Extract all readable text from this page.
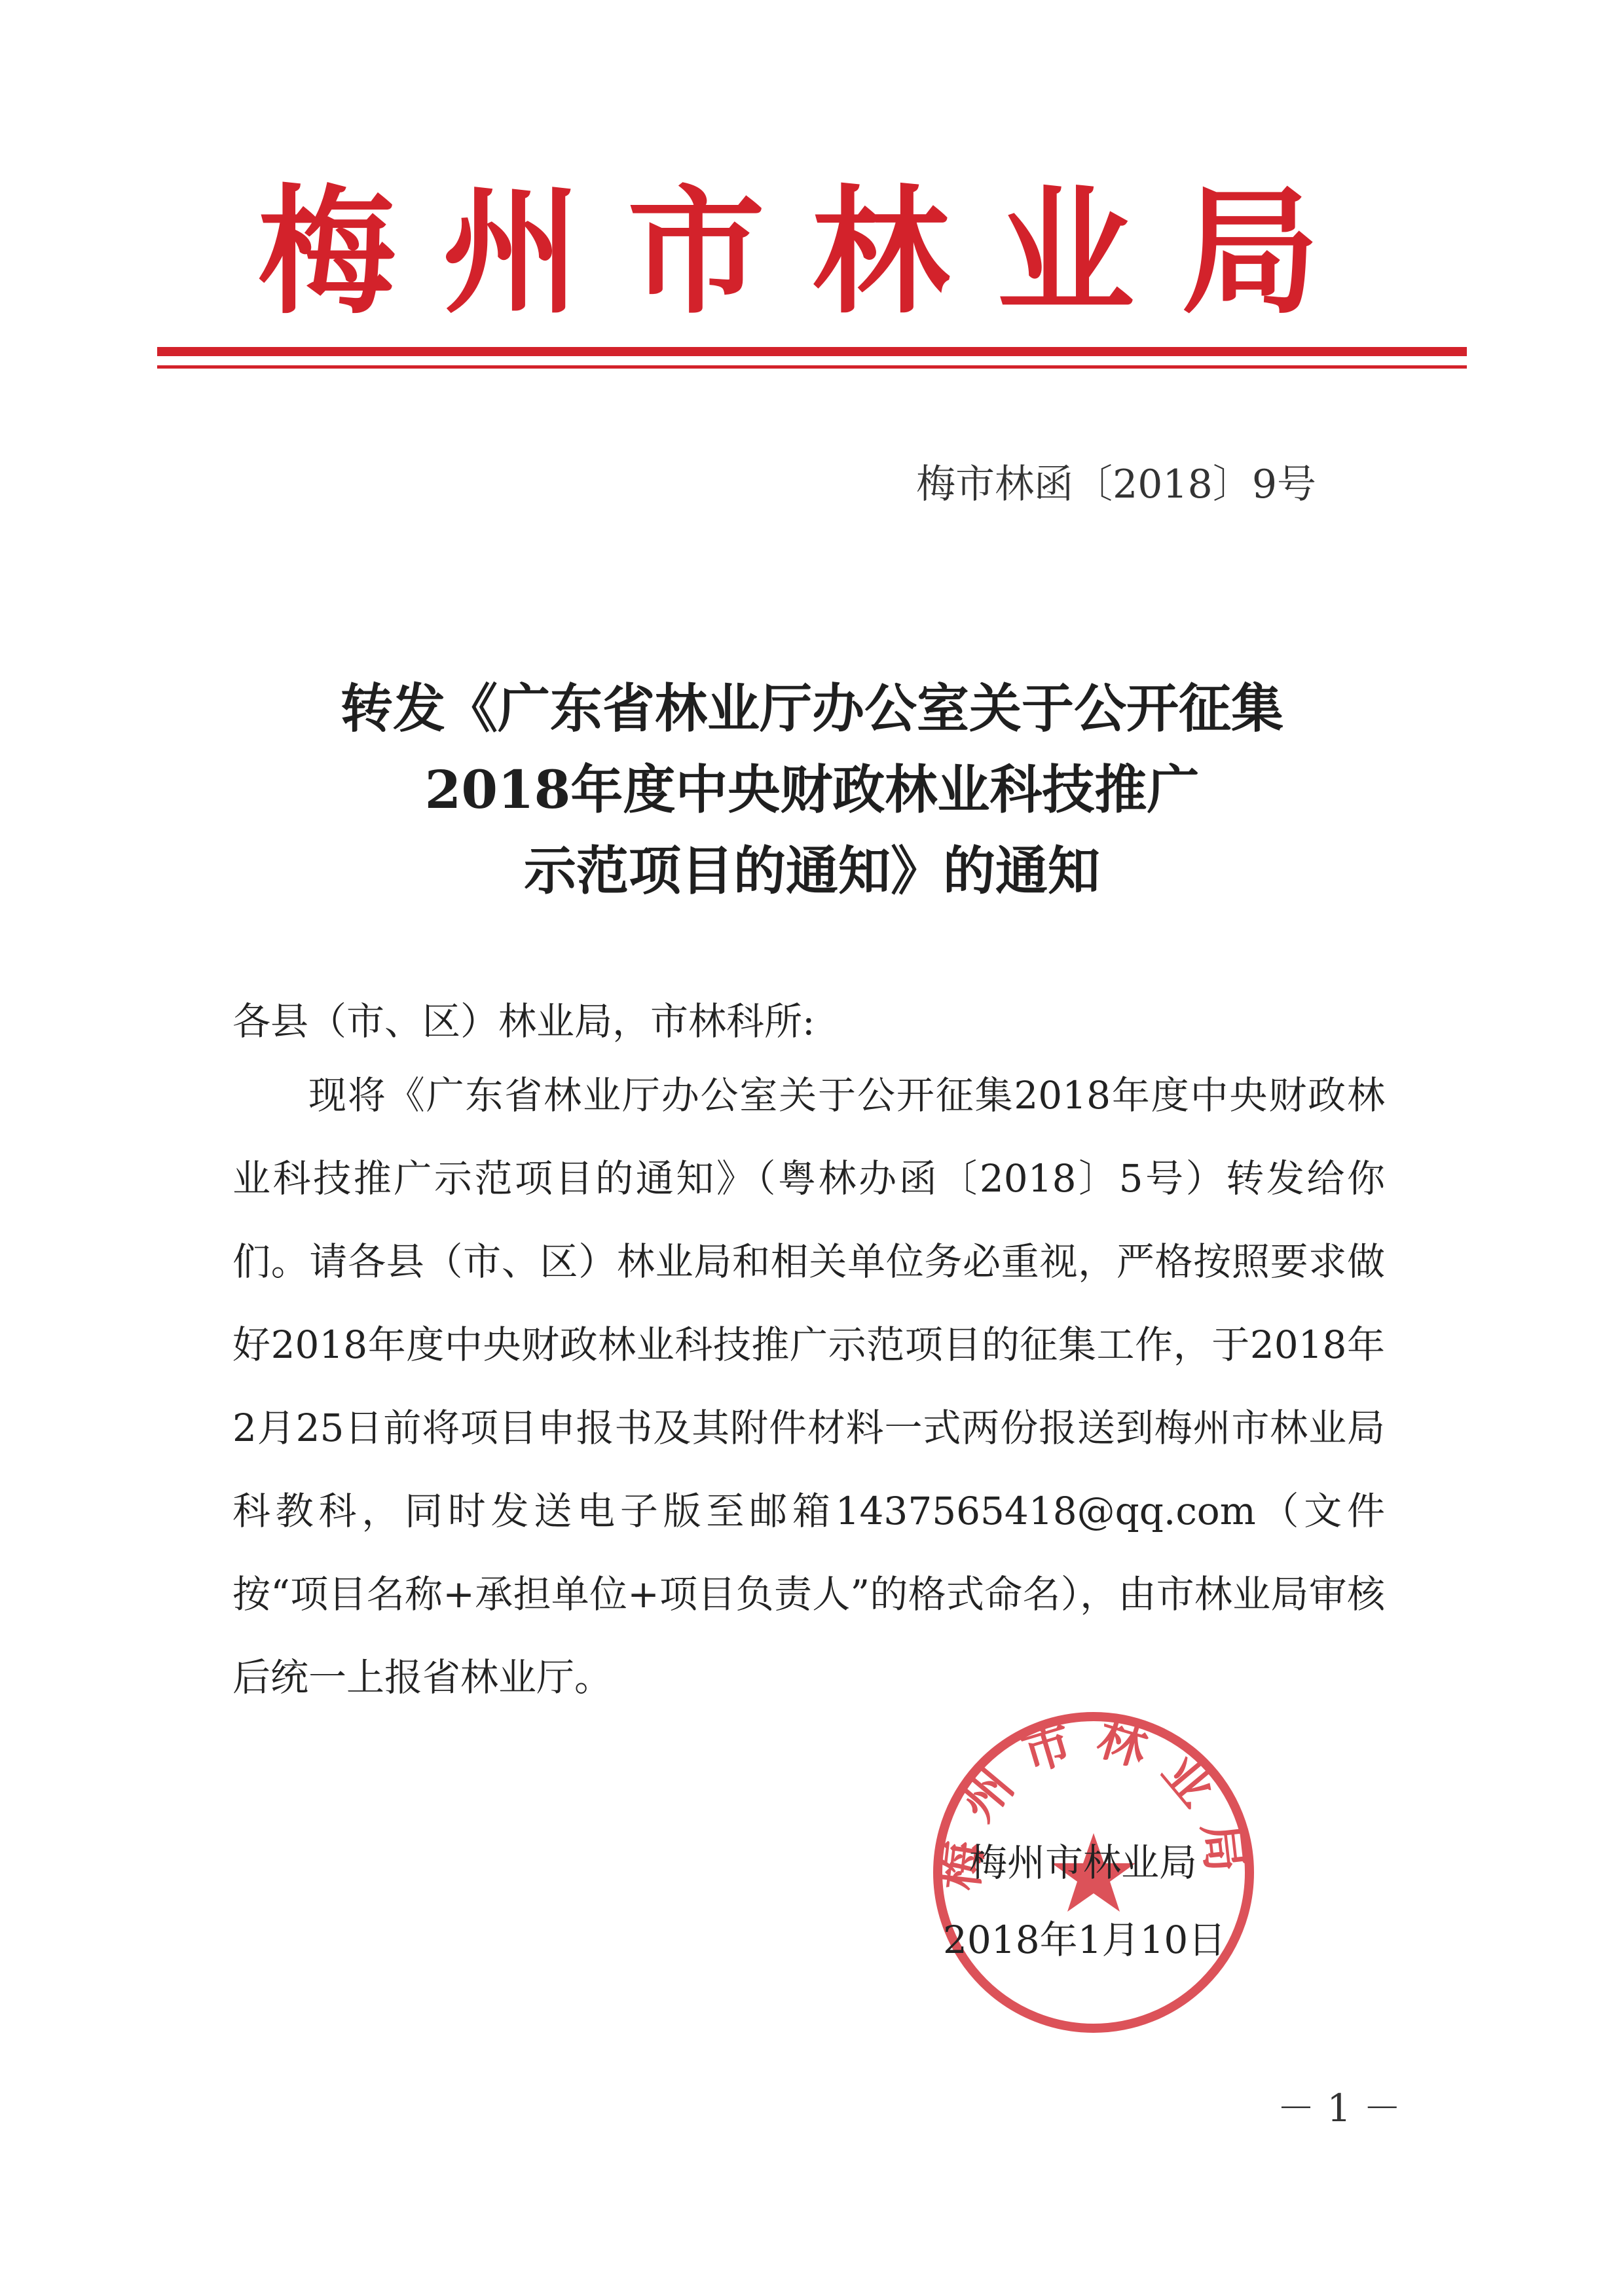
梅州市林业局
梅市林函〔2018〕9号
转发《广东省林业厅办公室关于公开征集
2018年度中央财政林业科技推广
示范项目的通知》的通知
各县（市、区）林业局，市林科所:
现将《广东省林业厅办公室关于公开征集2018年度中央财政林业科技推广示范项目的通知》（粤林办函〔2018〕5号）转发给你们。请各县（市、区）林业局和相关单位务必重视，严格按照要求做好2018年度中央财政林业科技推广示范项目的征集工作，于2018年2月25日前将项目申报书及其附件材料一式两份报送到梅州市林业局科教科，同时发送电子版至邮箱1437565418@qq.com（文件按“项目名称+承担单位+项目负责人”的格式命名），由市林业局审核后统一上报省林业厅。
梅州市林业局
梅州市林业局
2018年1月10日
－ 1 －
